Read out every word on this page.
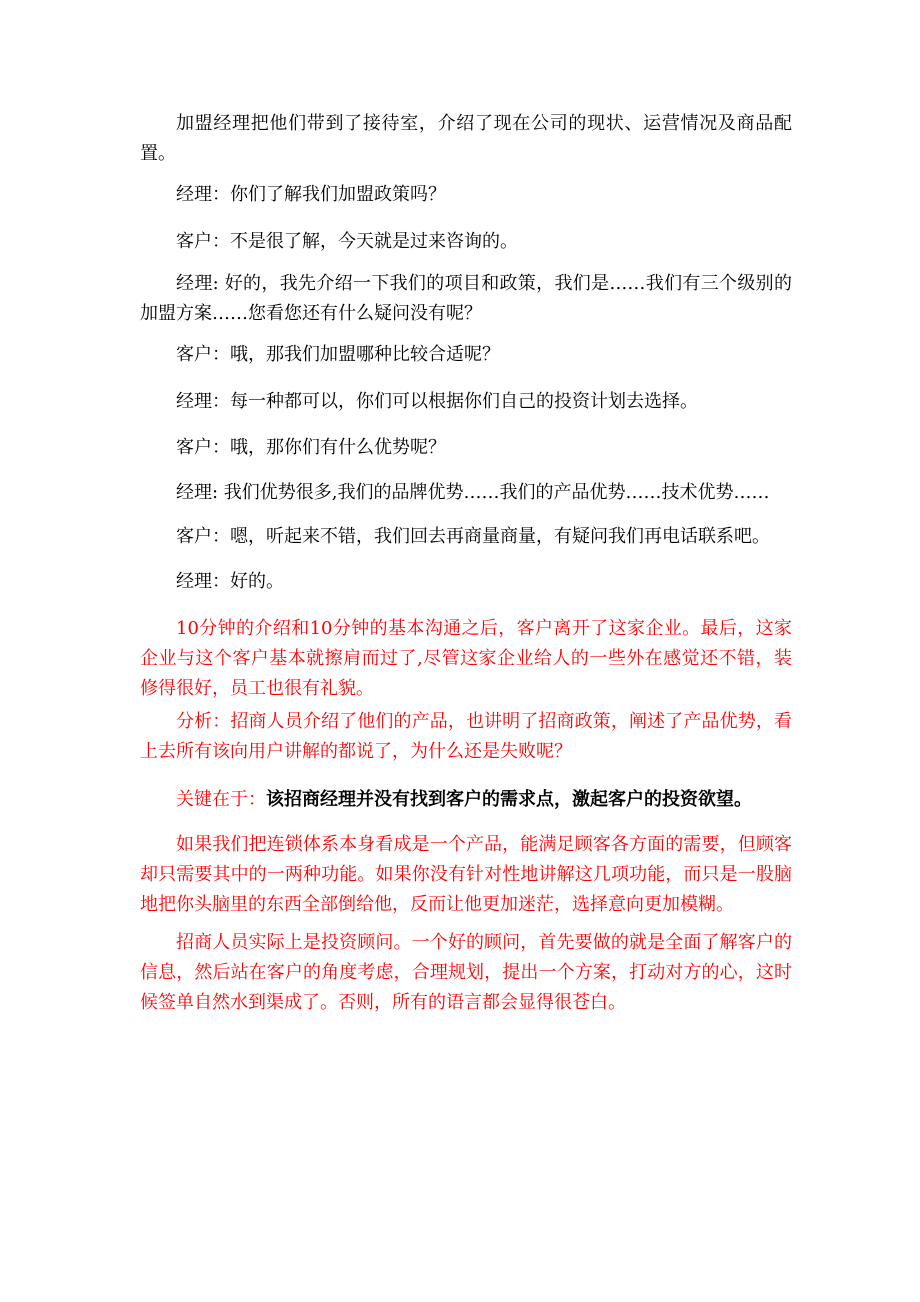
加盟经理把他们带到了接待室，介绍了现在公司的现状、运营情况及商品配置。

经理：你们了解我们加盟政策吗？

客户：不是很了解，今天就是过来咨询的。

经理: 好的，我先介绍一下我们的项目和政策，我们是……我们有三个级别的加盟方案……您看您还有什么疑问没有呢？

客户：哦，那我们加盟哪种比较合适呢？

经理：每一种都可以，你们可以根据你们自己的投资计划去选择。

客户：哦，那你们有什么优势呢？

经理: 我们优势很多,我们的品牌优势……我们的产品优势……技术优势……

客户：嗯，听起来不错，我们回去再商量商量，有疑问我们再电话联系吧。

经理：好的。

10分钟的介绍和10分钟的基本沟通之后，客户离开了这家企业。最后，这家企业与这个客户基本就擦肩而过了,尽管这家企业给人的一些外在感觉还不错，装修得很好，员工也很有礼貌。

分析：招商人员介绍了他们的产品，也讲明了招商政策，阐述了产品优势，看上去所有该向用户讲解的都说了，为什么还是失败呢？

关键在于：该招商经理并没有找到客户的需求点，激起客户的投资欲望。

如果我们把连锁体系本身看成是一个产品，能满足顾客各方面的需要，但顾客却只需要其中的一两种功能。如果你没有针对性地讲解这几项功能，而只是一股脑地把你头脑里的东西全部倒给他，反而让他更加迷茫，选择意向更加模糊。

招商人员实际上是投资顾问。一个好的顾问，首先要做的就是全面了解客户的信息，然后站在客户的角度考虑，合理规划，提出一个方案，打动对方的心，这时候签单自然水到渠成了。否则，所有的语言都会显得很苍白。
